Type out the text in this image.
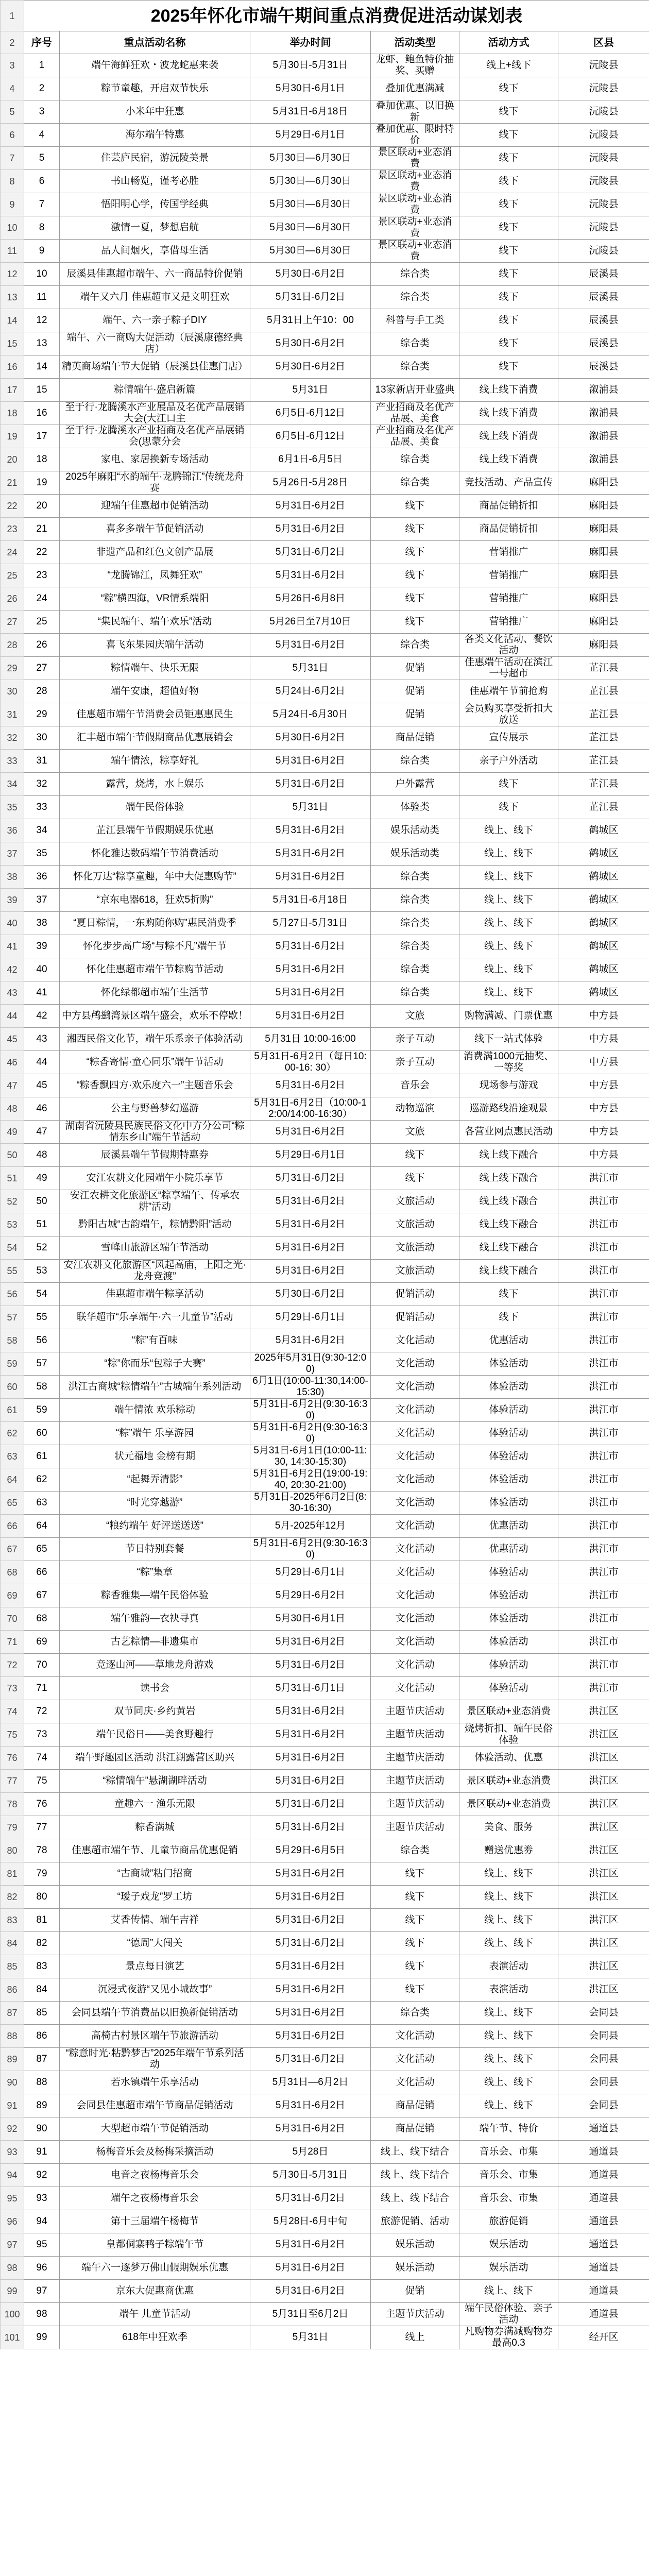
1	2025年怀化市端午期间重点消费促进活动谋划表					
2	序号	重点活动名称	举办时间	活动类型	活动方式	区县
3	1	端午海鲜狂欢・波龙蛇惠来袭	5月30日-5月31日	龙虾、鲍鱼特价抽奖、买赠	线上+线下	沅陵县
4	2	粽节童趣，开启双节快乐	5月30日-6月1日	叠加优惠满减	线下	沅陵县
5	3	小米年中狂惠	5月31日-6月18日	叠加优惠、以旧换新	线下	沅陵县
6	4	海尔端午特惠	5月29日-6月1日	叠加优惠、限时特价	线下	沅陵县
7	5	住芸庐民宿，游沅陵美景	5月30日—6月30日	景区联动+业态消费	线下	沅陵县
8	6	书山畅览，谨考必胜	5月30日—6月30日	景区联动+业态消费	线下	沅陵县
9	7	悟阳明心学，传国学经典	5月30日—6月30日	景区联动+业态消费	线下	沅陵县
10	8	激情一夏，梦想启航	5月30日—6月30日	景区联动+业态消费	线下	沅陵县
11	9	品人间烟火，享借母生活	5月30日—6月30日	景区联动+业态消费	线下	沅陵县
12	10	辰溪县佳惠超市端午、六一商品特价促销	5月30日-6月2日	综合类	线下	辰溪县
13	11	端午又六月 佳惠超市又是文明狂欢	5月31日-6月2日	综合类	线下	辰溪县
14	12	端午、六一亲子粽子DIY	5月31日上午10：00	科普与手工类	线下	辰溪县
15	13	端午、六一商购大促活动（辰溪康德经典店）	5月30日-6月2日	综合类	线下	辰溪县
16	14	精英商场端午节大促销（辰溪县佳惠门店）	5月30日-6月2日	综合类	线下	辰溪县
17	15	粽情端午·盛启新篇	5月31日	13家新店开业盛典	线上线下消费	溆浦县
18	16	至于行·龙腾溪水产业展品及名优产品展销大会(大江口主	6月5日-6月12日	产业招商及名优产品展、美食	线上线下消费	溆浦县
19	17	至于行·龙腾溪水产业招商及名优产品展销会(思蒙分会	6月5日-6月12日	产业招商及名优产品展、美食	线上线下消费	溆浦县
20	18	家电、家居换新专场活动	6月1日-6月5日	综合类	线上线下消费	溆浦县
21	19	2025年麻阳“水韵端午·龙腾锦江”传统龙舟赛	5月26日-5月28日	综合类	竞技活动、产品宣传	麻阳县
22	20	迎端午佳惠超市促销活动	5月31日-6月2日	线下	商品促销折扣	麻阳县
23	21	喜多多端午节促销活动	5月31日-6月2日	线下	商品促销折扣	麻阳县
24	22	非遗产品和红色文创产品展	5月31日-6月2日	线下	营销推广	麻阳县
25	23	“龙腾锦江，凤舞狂欢”	5月31日-6月2日	线下	营销推广	麻阳县
26	24	“粽”横四海，VR情系端阳	5月26日-6月8日	线下	营销推广	麻阳县
27	25	“集民端午、端午欢乐”活动	5月26日至7月10日	线下	营销推广	麻阳县
28	26	喜飞东果园庆端午活动	5月31日-6月2日	综合类	各类文化活动、餐饮活动	麻阳县
29	27	粽情端午、快乐无限	5月31日	促销	佳惠端午活动在滨江一号超市	芷江县
30	28	端午安康，超值好物	5月24日-6月2日	促销	佳惠端午节前抢购	芷江县
31	29	佳惠超市端午节消费会员钜惠惠民生	5月24日-6月30日	促销	会员购买享受折扣大放送	芷江县
32	30	汇丰超市端午节假期商品优惠展销会	5月30日-6月2日	商品促销	宣传展示	芷江县
33	31	端午情浓，粽享好礼	5月31日-6月2日	综合类	亲子户外活动	芷江县
34	32	露营，烧烤，水上娱乐	5月31日-6月2日	户外露营	线下	芷江县
35	33	端午民俗体验	5月31日	体验类	线下	芷江县
36	34	芷江县端午节假期娱乐优惠	5月31日-6月2日	娱乐活动类	线上、线下	鹤城区
37	35	怀化雅达数码端午节消费活动	5月31日-6月2日	娱乐活动类	线上、线下	鹤城区
38	36	怀化万达“粽享童趣，年中大促惠购节”	5月31日-6月2日	综合类	线上、线下	鹤城区
39	37	“京东电器618，狂欢5折购”	5月31日-6月18日	综合类	线上、线下	鹤城区
40	38	“夏日粽情，一东购随你购”惠民消费季	5月27日-5月31日	综合类	线上、线下	鹤城区
41	39	怀化步步高广场“与粽不凡”端午节	5月31日-6月2日	综合类	线上、线下	鹤城区
42	40	怀化佳惠超市端午节粽购节活动	5月31日-6月2日	综合类	线上、线下	鹤城区
43	41	怀化绿都超市端午生活节	5月31日-6月2日	综合类	线上、线下	鹤城区
44	42	中方县鸬鹚湾景区端午盛会，欢乐不停歇！	5月31日-6月2日	文旅	购物满减、门票优惠	中方县
45	43	湘西民俗文化节，端午乐系亲子体验活动	5月31日 10:00-16:00	亲子互动	线下一站式体验	中方县
46	44	“粽香寄情·童心同乐”端午节活动	5月31日-6月2日（每日10:00-16: 30）	亲子互动	消费满1000元抽奖、一等奖	中方县
47	45	“粽香飘四方·欢乐度六一”主题音乐会	5月31日-6月2日	音乐会	现场参与游戏	中方县
48	46	公主与野兽梦幻巡游	5月31日-6月2日（10:00-12:00/14:00-16:30）	动物巡演	巡游路线沿途观景	中方县
49	47	湖南省沅陵县民族民俗文化中方分公司“粽情东乡山”端午节活动	5月31日-6月2日	文旅	各营业网点惠民活动	中方县
50	48	辰溪县端午节假期特惠券	5月29日-6月1日	线下	线上线下融合	中方县
51	49	安江农耕文化园端午小院乐享节	5月31日-6月2日	线下	线上线下融合	洪江市
52	50	安江农耕文化旅游区“粽享端午、传承农耕”活动	5月31日-6月2日	文旅活动	线上线下融合	洪江市
53	51	黔阳古城“古韵端午，粽情黔阳”活动	5月31日-6月2日	文旅活动	线上线下融合	洪江市
54	52	雪峰山旅游区端午节活动	5月31日-6月2日	文旅活动	线上线下融合	洪江市
55	53	安江农耕文化旅游区“风起高庙，上阳之光·龙舟竞渡”	5月31日-6月2日	文旅活动	线上线下融合	洪江市
56	54	佳惠超市端午粽享活动	5月30日-6月2日	促销活动	线下	洪江市
57	55	联华超市“乐享端午·六一儿童节”活动	5月29日-6月1日	促销活动	线下	洪江市
58	56	“粽”有百味	5月31日-6月2日	文化活动	优惠活动	洪江市
59	57	“粽”你而乐“包粽子大赛”	2025年5月31日(9:30-12:00)	文化活动	体验活动	洪江市
60	58	洪江古商城“粽情端午”古城端午系列活动	6月1日(10:00-11:30,14:00-15:30)	文化活动	体验活动	洪江市
61	59	端午情浓 欢乐粽动	5月31日-6月2日(9:30-16:30)	文化活动	体验活动	洪江市
62	60	“粽”端午 乐享游园	5月31日-6月2日(9:30-16:30)	文化活动	体验活动	洪江市
63	61	状元福地 金榜有期	5月31日-6月1日(10:00-11:30, 14:30-15:30)	文化活动	体验活动	洪江市
64	62	“起舞弄清影”	5月31日-6月2日(19:00-19:40, 20:30-21:00)	文化活动	体验活动	洪江市
65	63	“时光穿越游”	5月31日-2025年6月2日(8:30-16:30)	文化活动	体验活动	洪江市
66	64	“粮约端午 好评送送送”	5月-2025年12月	文化活动	优惠活动	洪江市
67	65	节日特别套餐	5月31日-6月2日(9:30-16:30)	文化活动	优惠活动	洪江市
68	66	“粽”集章	5月29日-6月1日	文化活动	体验活动	洪江市
69	67	粽香雅集—端午民俗体验	5月29日-6月2日	文化活动	体验活动	洪江市
70	68	端午雅韵—衣袂寻真	5月30日-6月1日	文化活动	体验活动	洪江市
71	69	古艺粽情—非遗集市	5月31日-6月2日	文化活动	体验活动	洪江市
72	70	竞逐山河——草地龙舟游戏	5月31日-6月2日	文化活动	体验活动	洪江市
73	71	读书会	5月31日-6月1日	文化活动	体验活动	洪江市
74	72	双节同庆·乡约黄岩	5月31日-6月2日	主题节庆活动	景区联动+业态消费	洪江区
75	73	端午民俗日——美食野趣行	5月31日-6月2日	主题节庆活动	烧烤折扣、端午民俗体验	洪江区
76	74	端午野趣园区活动 洪江湖露营区助兴	5月31日-6月2日	主题节庆活动	体验活动、优惠	洪江区
77	75	“粽情端午”悬湖湖畔活动	5月31日-6月2日	主题节庆活动	景区联动+业态消费	洪江区
78	76	童趣六一 渔乐无限	5月31日-6月2日	主题节庆活动	景区联动+业态消费	洪江区
79	77	粽香满城	5月31日-6月2日	主题节庆活动	美食、服务	洪江区
80	78	佳惠超市端午节、儿童节商品优惠促销	5月29日-6月5日	综合类	赠送优惠劵	洪江区
81	79	“古商城”粘门招商	5月31日-6月2日	线下	线上、线下	洪江区
82	80	“瑷子戏龙”罗工坊	5月31日-6月2日	线下	线上、线下	洪江区
83	81	艾香传情、端午吉祥	5月31日-6月2日	线下	线上、线下	洪江区
84	82	“德周”大闯关	5月31日-6月2日	线下	线上、线下	洪江区
85	83	景点每日演艺	5月31日-6月2日	线下	表演活动	洪江区
86	84	沉浸式夜游“又见小城故事”	5月31日-6月2日	线下	表演活动	洪江区
87	85	会同县端午节消费品以旧换新促销活动	5月31日-6月2日	综合类	线上、线下	会同县
88	86	高椅古村景区端午节旅游活动	5月31日-6月2日	文化活动	线上、线下	会同县
89	87	“粽意时光·粘黔梦古”2025年端午节系列活动	5月31日-6月2日	文化活动	线上、线下	会同县
90	88	若水镇端午乐享活动	5月31日—6月2日	文化活动	线上、线下	会同县
91	89	会同县佳惠超市端午节商品促销活动	5月31日-6月2日	商品促销	线上、线下	会同县
92	90	大型超市端午节促销活动	5月31日-6月2日	商品促销	端午节、特价	通道县
93	91	杨梅音乐会及杨梅采摘活动	5月28日	线上、线下结合	音乐会、市集	通道县
94	92	电音之夜杨梅音乐会	5月30日-5月31日	线上、线下结合	音乐会、市集	通道县
95	93	端午之夜杨梅音乐会	5月31日-6月2日	线上、线下结合	音乐会、市集	通道县
96	94	第十三届端午杨梅节	5月28日-6月中旬	旅游促销、活动	旅游促销	通道县
97	95	皇都侗寨鸭子粽端午节	5月31日-6月2日	娱乐活动	娱乐活动	通道县
98	96	端午六一逐梦万佛山假期娱乐优惠	5月31日-6月2日	娱乐活动	娱乐活动	通道县
99	97	京东大促惠商优惠	5月31日-6月2日	促销	线上、线下	通道县
100	98	端午 儿童节活动	5月31日至6月2日	主题节庆活动	端午民俗体验、亲子活动	通道县
101	99	618年中狂欢季	5月31日	线上	凡购物券满减购物券最高0.3	经开区
